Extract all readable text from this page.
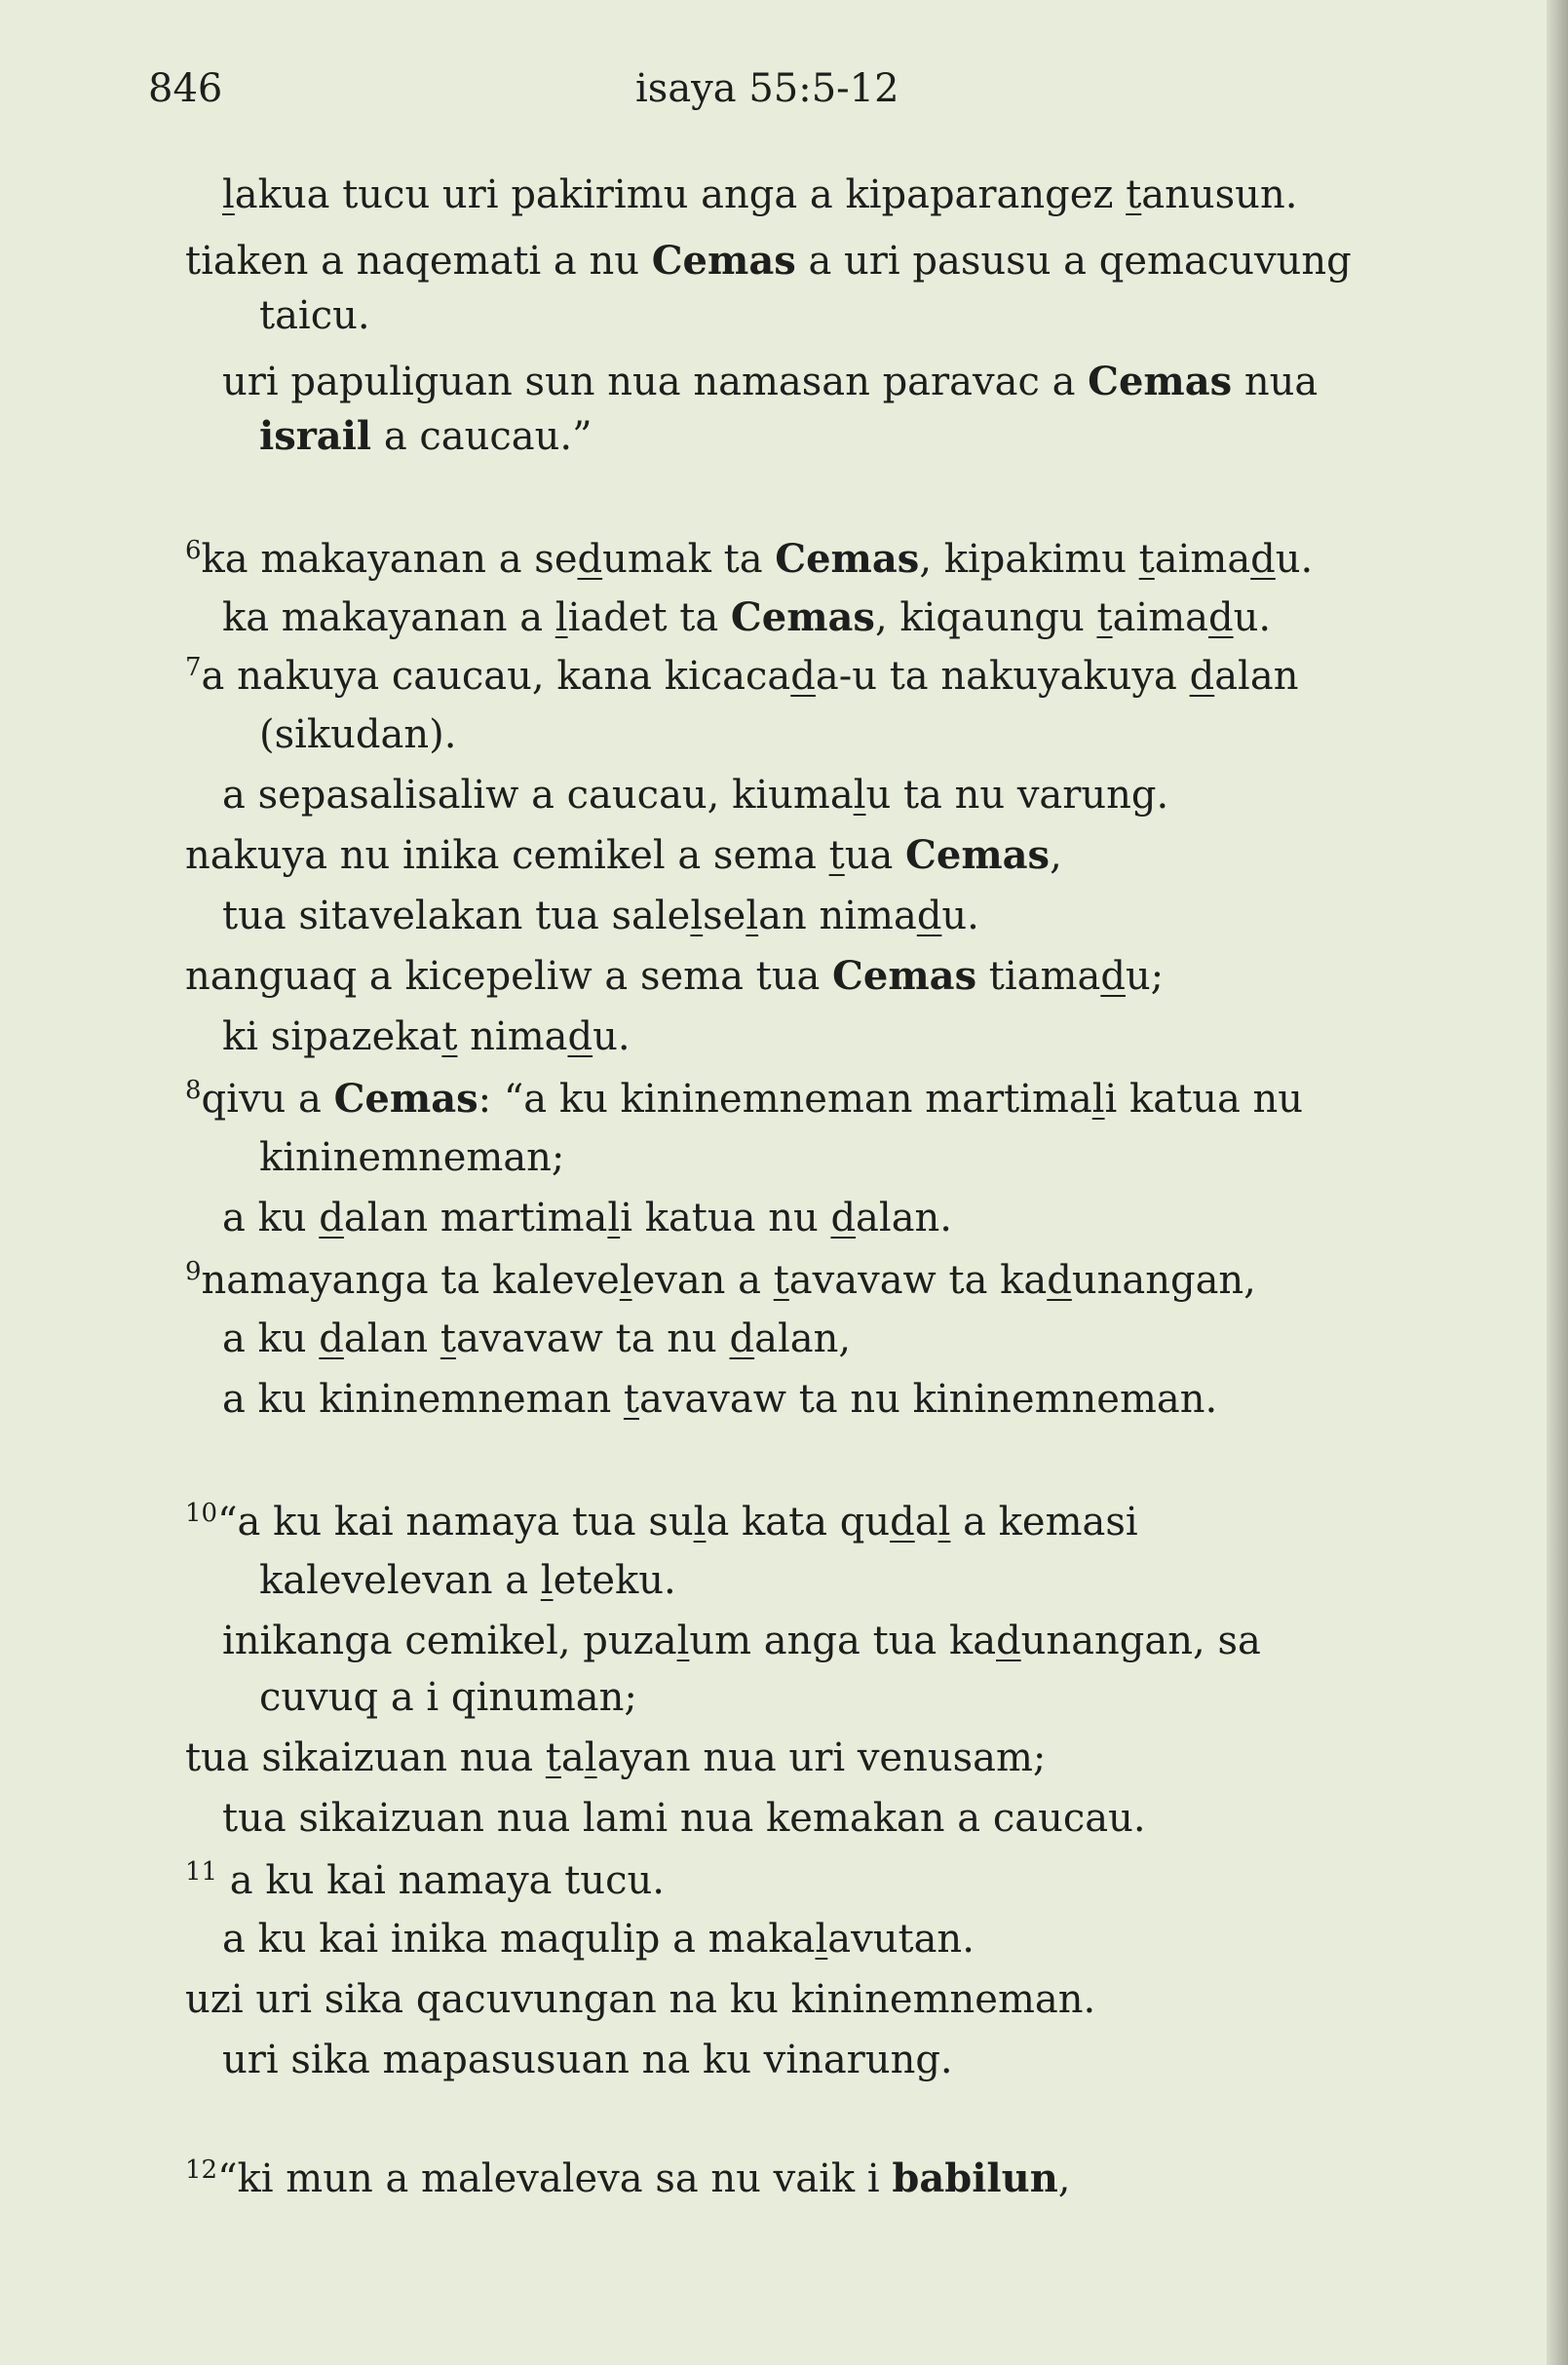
846	isaya 55:5-12
lakua tucu uri pakirimu anga a kipaparangez tanusun.
tiaken a naqemati a nu Cemas a uri pasusu a qemacuvung
taicu.
uri papuliguan sun nua namasan paravac a Cemas nua
israil a caucau.”
$^6$ka makayanan a sedumak ta Cemas, kipakimu taimadu.
ka makayanan a liadet ta Cemas, kiqaungu taimadu.
$^7$a nakuya caucau, kana kicacada-u ta nakuyakuya dalan
(sikudan).
a sepasalisaliw a caucau, kiumalu ta nu varung.
nakuya nu inika cemikel a sema tua Cemas,
tua sitavelakan tua salelselan nimadu.
nanguaq a kicepeliw a sema tua Cemas tiamadu;
ki sipazekat nimadu.
$^8$qivu a Cemas: “a ku kininemneman martimali katua nu
kininemneman;
a ku dalan martimali katua nu dalan.
$^9$namayanga ta kalevelevan a tavavaw ta kadunangan,
a ku dalan tavavaw ta nu dalan,
a ku kininemneman tavavaw ta nu kininemneman.
$^{10}$“a ku kai namaya tua sula kata qudal a kemasi
kalevelevan a leteku.
inikanga cemikel, puzalum anga tua kadunangan, sa
cuvuq a i qinuman;
tua sikaizuan nua talayan nua uri venusam;
tua sikaizuan nua lami nua kemakan a caucau.
$^{11}$ a ku kai namaya tucu.
a ku kai inika maqulip a makalavutan.
uzi uri sika qacuvungan na ku kininemneman.
uri sika mapasusuan na ku vinarung.
$^{12}$“ki mun a malevaleva sa nu vaik i babilun,
